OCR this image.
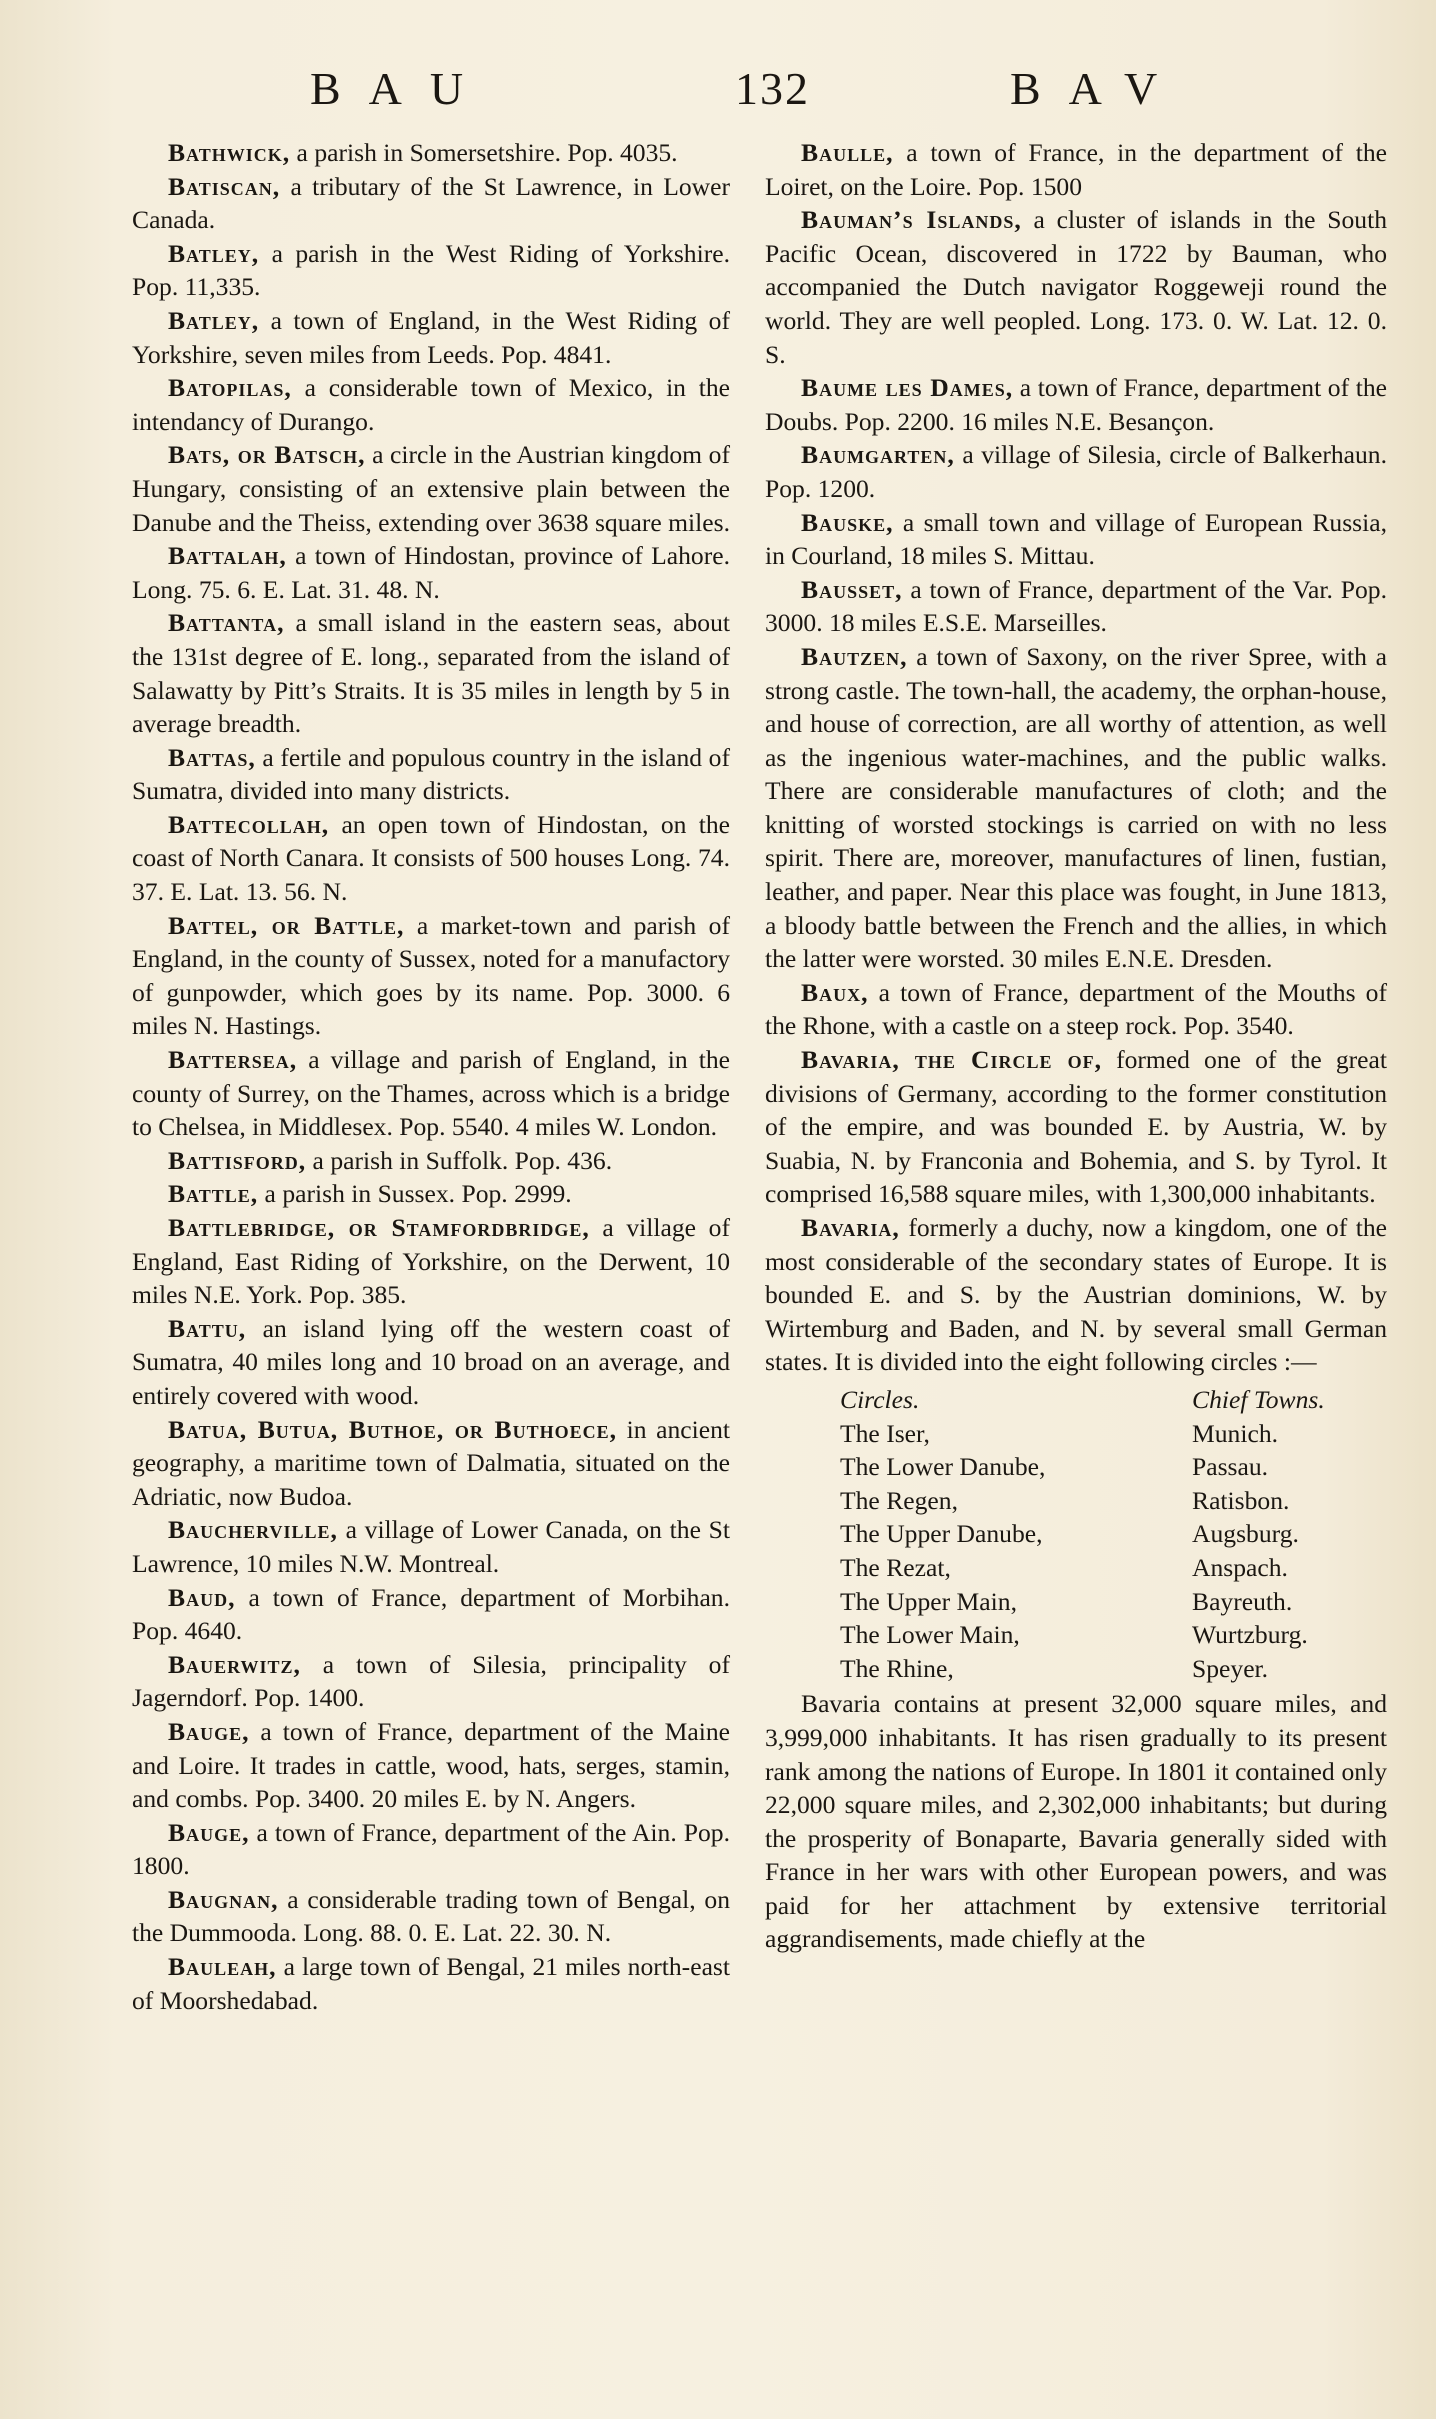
BAU	132	BAV

Bathwick, a parish in Somersetshire. Pop. 4035.

Batiscan, a tributary of the St Lawrence, in Lower Canada.

Batley, a parish in the West Riding of Yorkshire. Pop. 11,335.

Batley, a town of England, in the West Riding of Yorkshire, seven miles from Leeds. Pop. 4841.

Batopilas, a considerable town of Mexico, in the intendancy of Durango.

Bats, or Batsch, a circle in the Austrian kingdom of Hungary, consisting of an extensive plain between the Danube and the Theiss, extending over 3638 square miles.

Battalah, a town of Hindostan, province of Lahore. Long. 75. 6. E. Lat. 31. 48. N.

Battanta, a small island in the eastern seas, about the 131st degree of E. long., separated from the island of Salawatty by Pitt’s Straits. It is 35 miles in length by 5 in average breadth.

Battas, a fertile and populous country in the island of Sumatra, divided into many districts.

Battecollah, an open town of Hindostan, on the coast of North Canara. It consists of 500 houses Long. 74. 37. E. Lat. 13. 56. N.

Battel, or Battle, a market-town and parish of England, in the county of Sussex, noted for a manufactory of gunpowder, which goes by its name. Pop. 3000. 6 miles N. Hastings.

Battersea, a village and parish of England, in the county of Surrey, on the Thames, across which is a bridge to Chelsea, in Middlesex. Pop. 5540. 4 miles W. London.

Battisford, a parish in Suffolk. Pop. 436.

Battle, a parish in Sussex. Pop. 2999.

Battlebridge, or Stamfordbridge, a village of England, East Riding of Yorkshire, on the Derwent, 10 miles N.E. York. Pop. 385.

Battu, an island lying off the western coast of Sumatra, 40 miles long and 10 broad on an average, and entirely covered with wood.

Batua, Butua, Buthoe, or Buthoece, in ancient geography, a maritime town of Dalmatia, situated on the Adriatic, now Budoa.

Baucherville, a village of Lower Canada, on the St Lawrence, 10 miles N.W. Montreal.

Baud, a town of France, department of Morbihan. Pop. 4640.

Bauerwitz, a town of Silesia, principality of Jagerndorf. Pop. 1400.

Bauge, a town of France, department of the Maine and Loire. It trades in cattle, wood, hats, serges, stamin, and combs. Pop. 3400. 20 miles E. by N. Angers.

Bauge, a town of France, department of the Ain. Pop. 1800.

Baugnan, a considerable trading town of Bengal, on the Dummooda. Long. 88. 0. E. Lat. 22. 30. N.

Bauleah, a large town of Bengal, 21 miles north-east of Moorshedabad.

Baulle, a town of France, in the department of the Loiret, on the Loire. Pop. 1500

Bauman’s Islands, a cluster of islands in the South Pacific Ocean, discovered in 1722 by Bauman, who accompanied the Dutch navigator Roggeweji round the world. They are well peopled. Long. 173. 0. W. Lat. 12. 0. S.

Baume les Dames, a town of France, department of the Doubs. Pop. 2200. 16 miles N.E. Besançon.

Baumgarten, a village of Silesia, circle of Balkerhaun. Pop. 1200.

Bauske, a small town and village of European Russia, in Courland, 18 miles S. Mittau.

Bausset, a town of France, department of the Var. Pop. 3000. 18 miles E.S.E. Marseilles.

Bautzen, a town of Saxony, on the river Spree, with a strong castle. The town-hall, the academy, the orphan-house, and house of correction, are all worthy of attention, as well as the ingenious water-machines, and the public walks. There are considerable manufactures of cloth; and the knitting of worsted stockings is carried on with no less spirit. There are, moreover, manufactures of linen, fustian, leather, and paper. Near this place was fought, in June 1813, a bloody battle between the French and the allies, in which the latter were worsted. 30 miles E.N.E. Dresden.

Baux, a town of France, department of the Mouths of the Rhone, with a castle on a steep rock. Pop. 3540.

Bavaria, the Circle of, formed one of the great divisions of Germany, according to the former constitution of the empire, and was bounded E. by Austria, W. by Suabia, N. by Franconia and Bohemia, and S. by Tyrol. It comprised 16,588 square miles, with 1,300,000 inhabitants.

Bavaria, formerly a duchy, now a kingdom, one of the most considerable of the secondary states of Europe. It is bounded E. and S. by the Austrian dominions, W. by Wirtemburg and Baden, and N. by several small German states. It is divided into the eight following circles :—

Circles.	Chief Towns.
The Iser,	Munich.
The Lower Danube,	Passau.
The Regen,	Ratisbon.
The Upper Danube,	Augsburg.
The Rezat,	Anspach.
The Upper Main,	Bayreuth.
The Lower Main,	Wurtzburg.
The Rhine,	Speyer.

Bavaria contains at present 32,000 square miles, and 3,999,000 inhabitants. It has risen gradually to its present rank among the nations of Europe. In 1801 it contained only 22,000 square miles, and 2,302,000 inhabitants; but during the prosperity of Bonaparte, Bavaria generally sided with France in her wars with other European powers, and was paid for her attachment by extensive territorial aggrandisements, made chiefly at the
